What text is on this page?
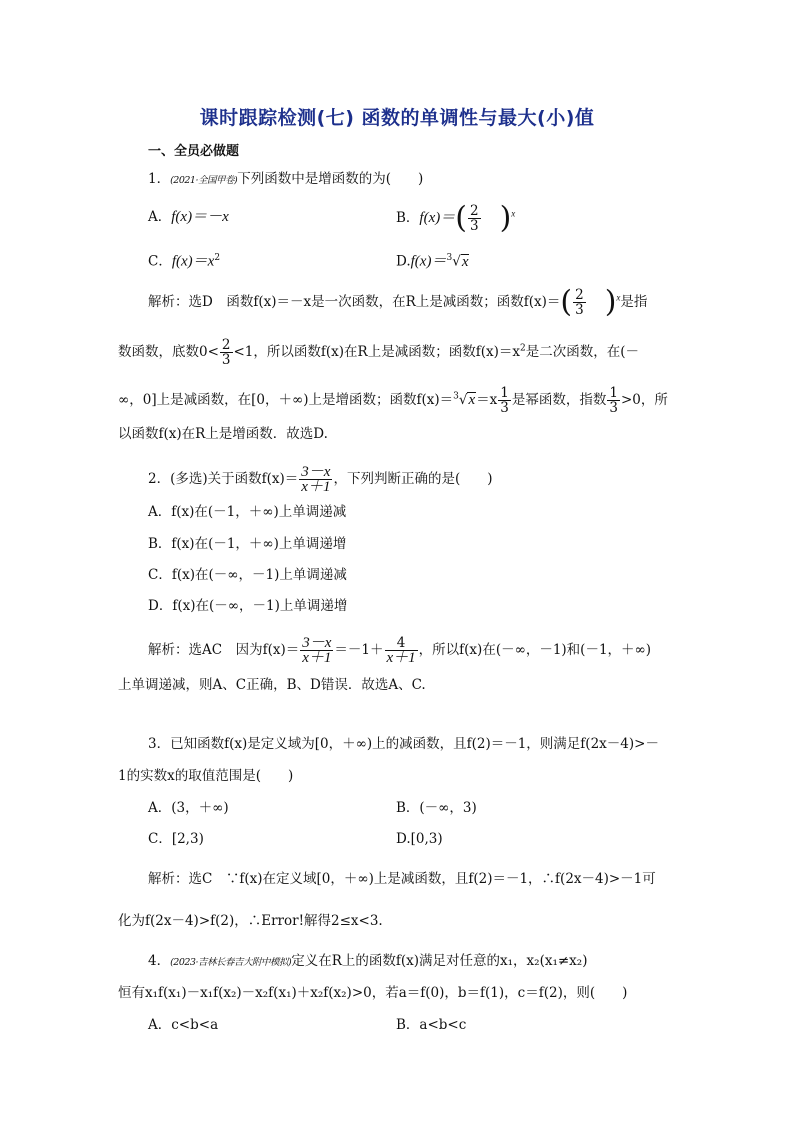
课时跟踪检测(七) 函数的单调性与最大(小)值
一、全员必做题
1．(2021·全国甲卷)下列函数中是增函数的为(　　)
A．f(x)＝－x	B．$f(x)=( \frac{2}{3} )^x$
C．$f(x)=x^2$	D.f(x)＝$^3$√x
解析：选D　函数f(x)＝－x是一次函数，在R上是减函数；函数$f(x)=( \frac{2}{3} )^x$是指
数函数，底数$0< \frac{2}{3} <1$，所以函数f(x)在R上是减函数；函数$f(x)=x^2$是二次函数，在(－
∞，0]上是减函数，在[0，＋∞)上是增函数；函数$f(x)=^3√x=x \frac{1}{3}$ 是幂函数，指数 $\frac{1}{3} >0$，所
以函数f(x)在R上是增函数．故选D.
2．(多选)关于函数$f(x)= \frac{3-x}{x+1}$ ，下列判断正确的是(　　)
A．f(x)在(－1，＋∞)上单调递减
B．f(x)在(－1，＋∞)上单调递增
C．f(x)在(－∞，－1)上单调递减
D．f(x)在(－∞，－1)上单调递增
解析：选AC　因为$f(x)= \frac{3-x}{x+1} =-1+ \frac{4}{x+1}$ ，所以f(x)在(－∞，－1)和(－1，＋∞)
上单调递减，则A、C正确，B、D错误．故选A、C.
3．已知函数f(x)是定义域为[0，＋∞)上的减函数，且f(2)＝－1，则满足f(2x－4)>－
1的实数x的取值范围是(　　)
A．(3，＋∞)	B．(－∞，3)
C．[2,3)	D.[0,3)
解析：选C　∵f(x)在定义域[0，＋∞)上是减函数，且f(2)＝－1，∴f(2x－4)>－1可
化为f(2x－4)>f(2)，∴Error!解得2≤x<3.
4．(2023·吉林长春吉大附中模拟)定义在R上的函数f(x)满足对任意的x₁，x₂(x₁≠x₂)
恒有x₁f(x₁)－x₁f(x₂)－x₂f(x₁)＋x₂f(x₂)>0，若a＝f(0)，b＝f(1)，c＝f(2)，则(　　)
A．c<b<a	B．a<b<c
